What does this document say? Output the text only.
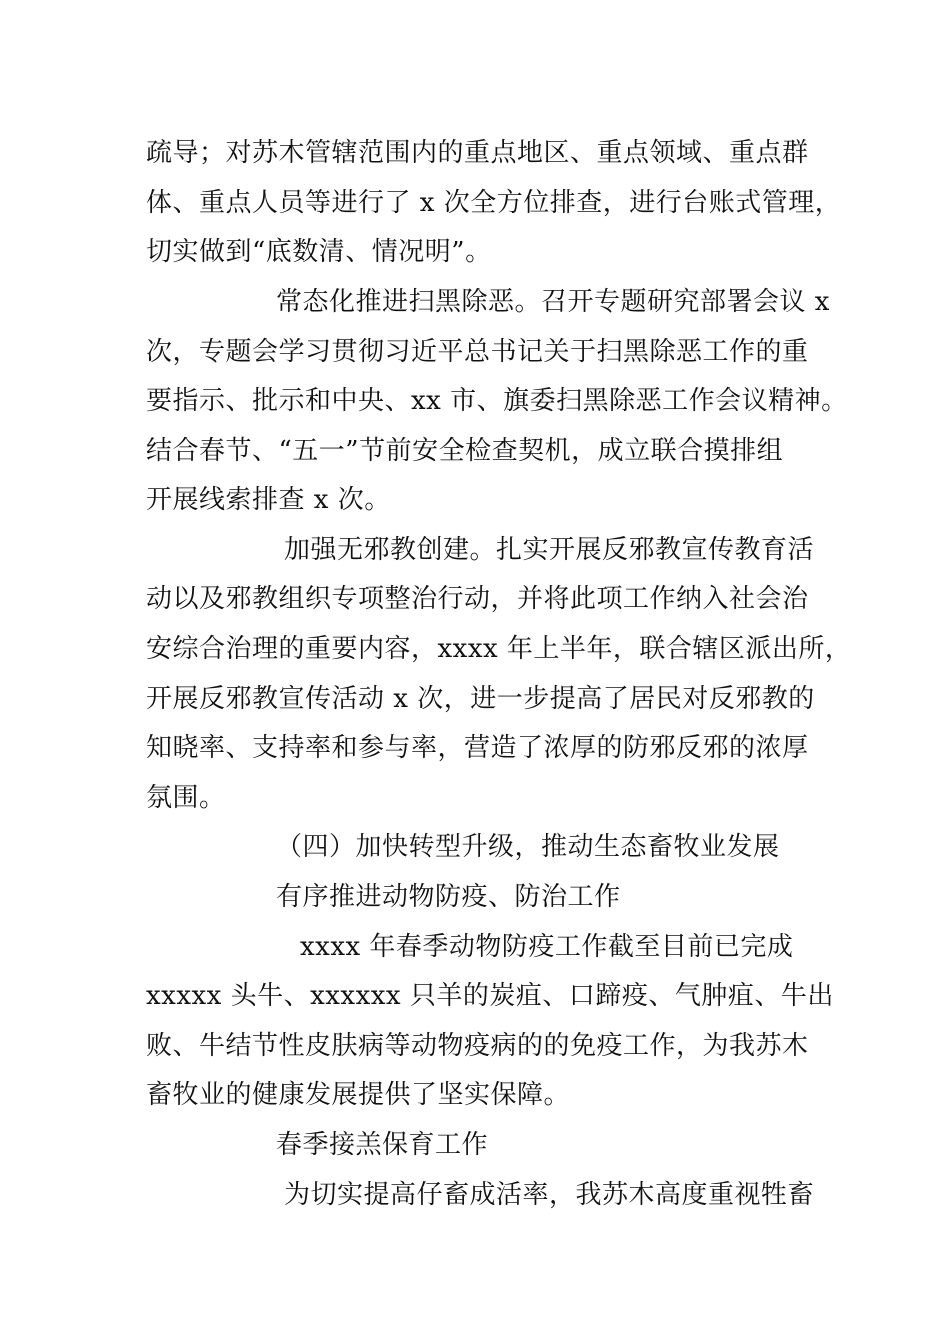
疏导；对苏木管辖范围内的重点地区、重点领域、重点群
体、重点人员等进行了 x 次全方位排查，进行台账式管理，
切实做到“底数清、情况明”。
常态化推进扫黑除恶。召开专题研究部署会议 x
次，专题会学习贯彻习近平总书记关于扫黑除恶工作的重
要指示、批示和中央、xx 市、旗委扫黑除恶工作会议精神。
结合春节、“五一”节前安全检查契机，成立联合摸排组
开展线索排查 x 次。
加强无邪教创建。扎实开展反邪教宣传教育活
动以及邪教组织专项整治行动，并将此项工作纳入社会治
安综合治理的重要内容，xxxx 年上半年，联合辖区派出所，
开展反邪教宣传活动 x 次，进一步提高了居民对反邪教的
知晓率、支持率和参与率，营造了浓厚的防邪反邪的浓厚
氛围。
（四）加快转型升级，推动生态畜牧业发展
有序推进动物防疫、防治工作
xxxx 年春季动物防疫工作截至目前已完成
xxxxx 头牛、xxxxxx 只羊的炭疽、口蹄疫、气肿疽、牛出
败、牛结节性皮肤病等动物疫病的的免疫工作，为我苏木
畜牧业的健康发展提供了坚实保障。
春季接羔保育工作
为切实提高仔畜成活率，我苏木高度重视牲畜
